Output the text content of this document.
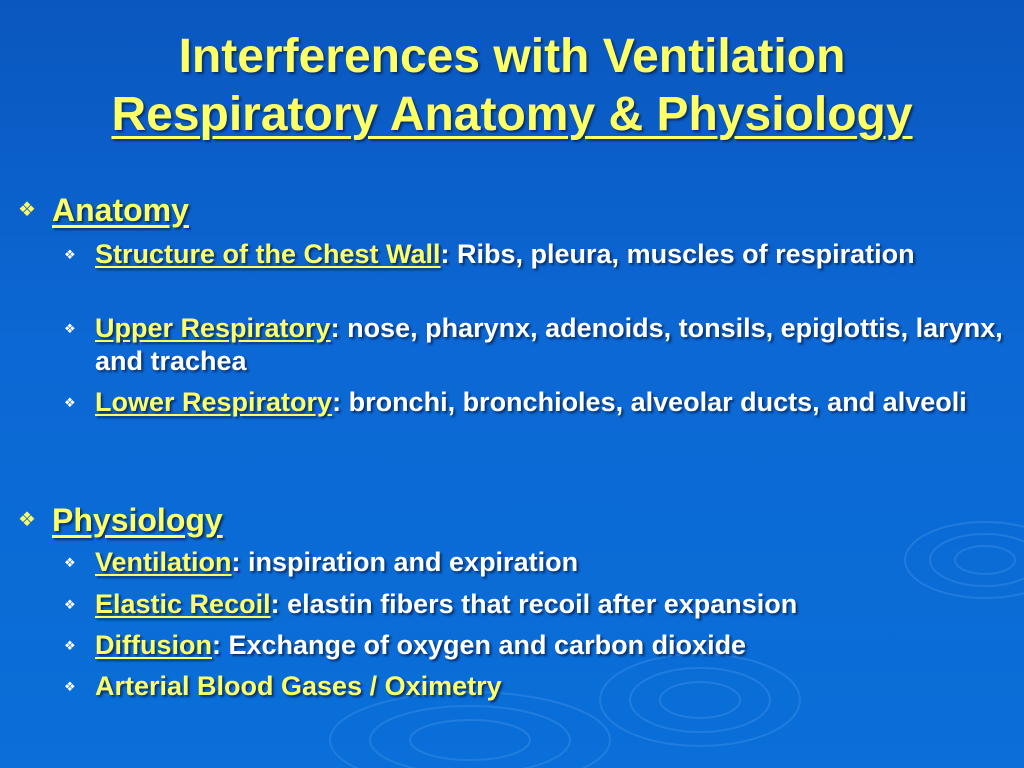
Interferences with Ventilation
Respiratory Anatomy & Physiology
❖ Anatomy
❖ Structure of the Chest Wall: Ribs, pleura, muscles of respiration
❖ Upper Respiratory: nose, pharynx, adenoids, tonsils, epiglottis, larynx, and trachea
❖ Lower Respiratory: bronchi, bronchioles, alveolar ducts, and alveoli
❖ Physiology
❖ Ventilation: inspiration and expiration
❖ Elastic Recoil: elastin fibers that recoil after expansion
❖ Diffusion: Exchange of oxygen and carbon dioxide
❖ Arterial Blood Gases / Oximetry
